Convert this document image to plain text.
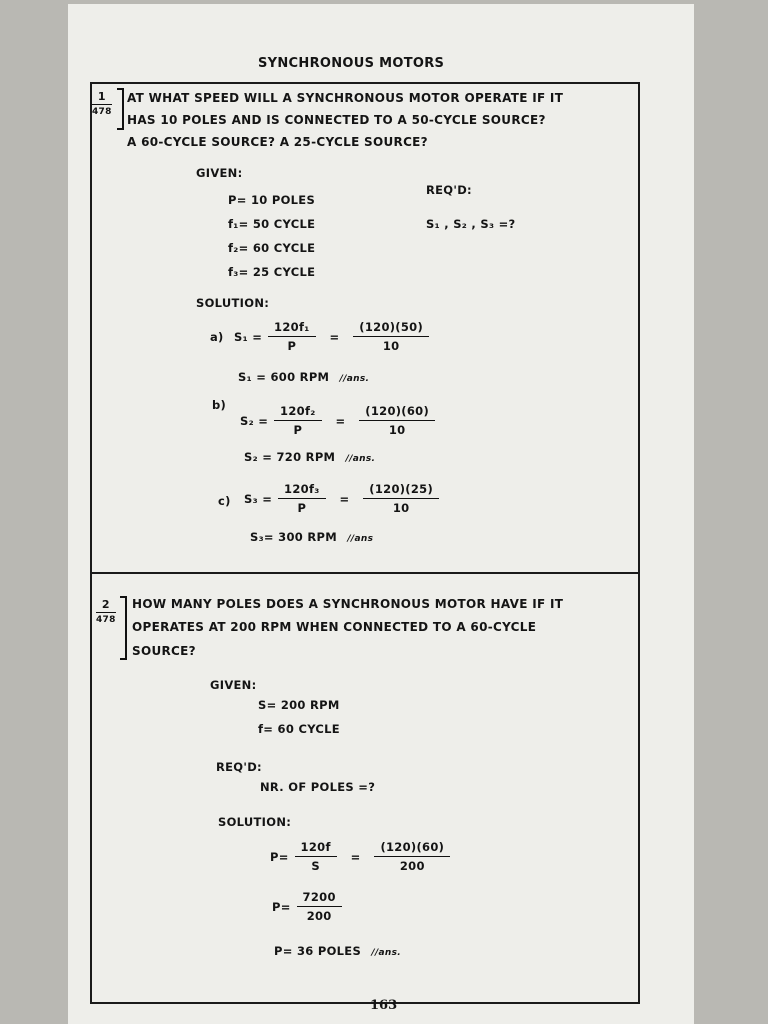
SYNCHRONOUS MOTORS
1
478
AT WHAT SPEED WILL A SYNCHRONOUS MOTOR OPERATE IF IT
HAS 10 POLES AND IS CONNECTED TO A 50-CYCLE SOURCE?
A 60-CYCLE SOURCE? A 25-CYCLE SOURCE?
GIVEN:
P= 10 POLES
f₁= 50 CYCLE
f₂= 60 CYCLE
f₃= 25 CYCLE
REQ'D:
S₁ , S₂ , S₃ =?
SOLUTION:
a) $S_1 = \frac{\text{120f₁}}{P} = \frac{(120)(50)}{10}$
S₁ = 600 RPM //ans.
b)
$S_2 = \frac{\text{120f₂}}{P} = \frac{(120)(60)}{10}$
S₂ = 720 RPM //ans.
c) $S_3 = \frac{\text{120f₃}}{P} = \frac{(120)(25)}{10}$
S₃= 300 RPM //ans
2
478
HOW MANY POLES DOES A SYNCHRONOUS MOTOR HAVE IF IT
OPERATES AT 200 RPM WHEN CONNECTED TO A 60-CYCLE
SOURCE?
GIVEN:
S= 200 RPM
f= 60 CYCLE
REQ'D:
NR. OF POLES =?
SOLUTION:
$P= \frac{120f}{S} = \frac{(120)(60)}{200}$
$P= \frac{7200}{200}$
P= 36 POLES //ans.
163
